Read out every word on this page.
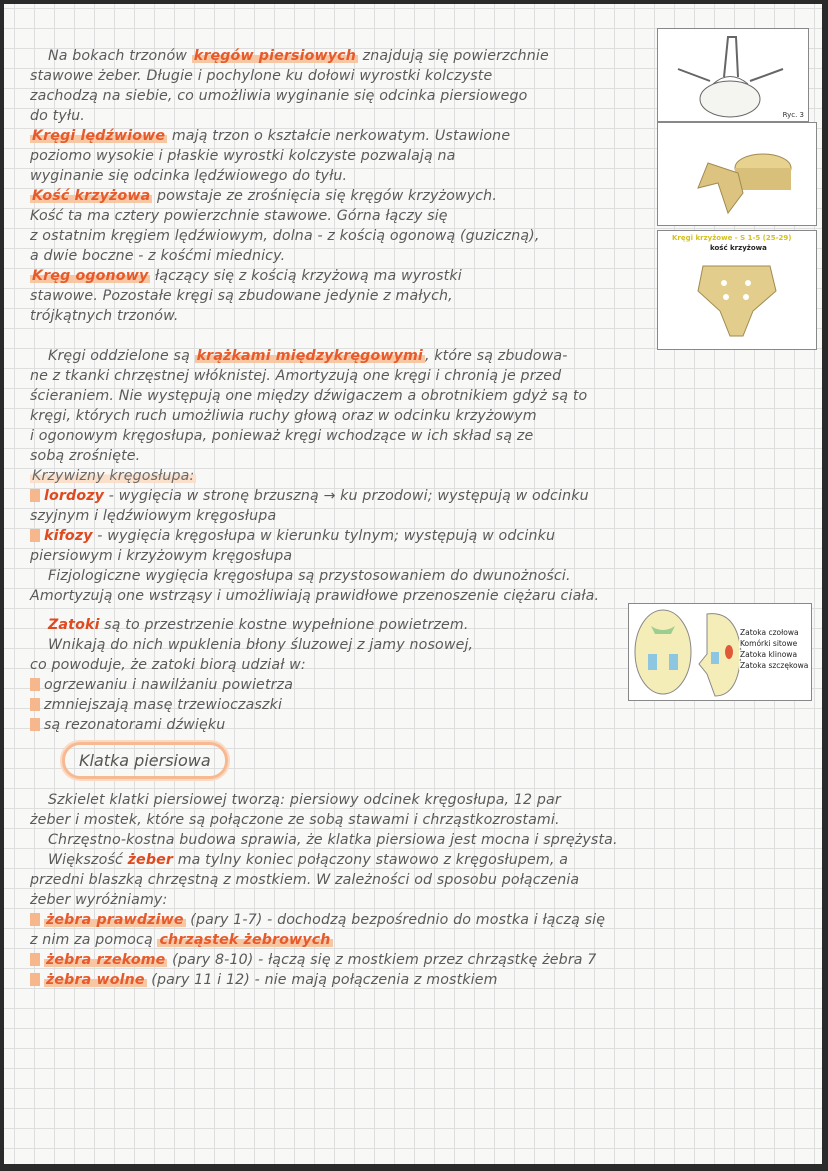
Na bokach trzonów kręgów piersiowych znajdują się powierzchnie
stawowe żeber. Długie i pochylone ku dołowi wyrostki kolczyste
zachodzą na siebie, co umożliwia wyginanie się odcinka piersiowego
do tyłu.
Kręgi lędźwiowe mają trzon o kształcie nerkowatym. Ustawione
poziomo wysokie i płaskie wyrostki kolczyste pozwalają na
wyginanie się odcinka lędźwiowego do tyłu.
Kość krzyżowa powstaje ze zrośnięcia się kręgów krzyżowych.
Kość ta ma cztery powierzchnie stawowe. Górna łączy się
z ostatnim kręgiem lędźwiowym, dolna - z kością ogonową (guziczną),
a dwie boczne - z kośćmi miednicy.
Kręg ogonowy łączący się z kością krzyżową ma wyrostki
stawowe. Pozostałe kręgi są zbudowane jedynie z małych,
trójkątnych trzonów.
Kręgi oddzielone są krążkami międzykręgowymi , które są zbudowa-
ne z tkanki chrzęstnej włóknistej. Amortyzują one kręgi i chronią je przed
ścieraniem. Nie występują one między dźwigaczem a obrotnikiem gdyż są to
kręgi, których ruch umożliwia ruchy głową oraz w odcinku krzyżowym
i ogonowym kręgosłupa, ponieważ kręgi wchodzące w ich skład są ze
sobą zrośnięte.
Krzywizny kręgosłupa:
lordozy - wygięcia w stronę brzuszną → ku przodowi; występują w odcinku
szyjnym i lędźwiowym kręgosłupa
kifozy - wygięcia kręgosłupa w kierunku tylnym; występują w odcinku
piersiowym i krzyżowym kręgosłupa
Fizjologiczne wygięcia kręgosłupa są przystosowaniem do dwunożności.
Amortyzują one wstrząsy i umożliwiają prawidłowe przenoszenie ciężaru ciała.
Zatoki są to przestrzenie kostne wypełnione powietrzem.
Wnikają do nich wpuklenia błony śluzowej z jamy nosowej,
co powoduje, że zatoki biorą udział w:
ogrzewaniu i nawilżaniu powietrza
zmniejszają masę trzewioczaszki
są rezonatorami dźwięku
Klatka piersiowa
Szkielet klatki piersiowej tworzą: piersiowy odcinek kręgosłupa, 12 par
żeber i mostek, które są połączone ze sobą stawami i chrząstkozrostami.
Chrzęstno-kostna budowa sprawia, że klatka piersiowa jest mocna i sprężysta.
Większość żeber ma tylny koniec połączony stawowo z kręgosłupem, a
przedni blaszką chrzęstną z mostkiem. W zależności od sposobu połączenia
żeber wyróżniamy:
żebra prawdziwe (pary 1-7) - dochodzą bezpośrednio do mostka i łączą się
z nim za pomocą chrząstek żebrowych
żebra rzekome (pary 8-10) - łączą się z mostkiem przez chrząstkę żebra 7
żebra wolne (pary 11 i 12) - nie mają połączenia z mostkiem
Ryc. 3
Kręgi krzyżowe - S 1-5 (25-29)
kość krzyżowa
Zatoka czołowa
Komórki sitowe
Zatoka klinowa
Zatoka szczękowa
